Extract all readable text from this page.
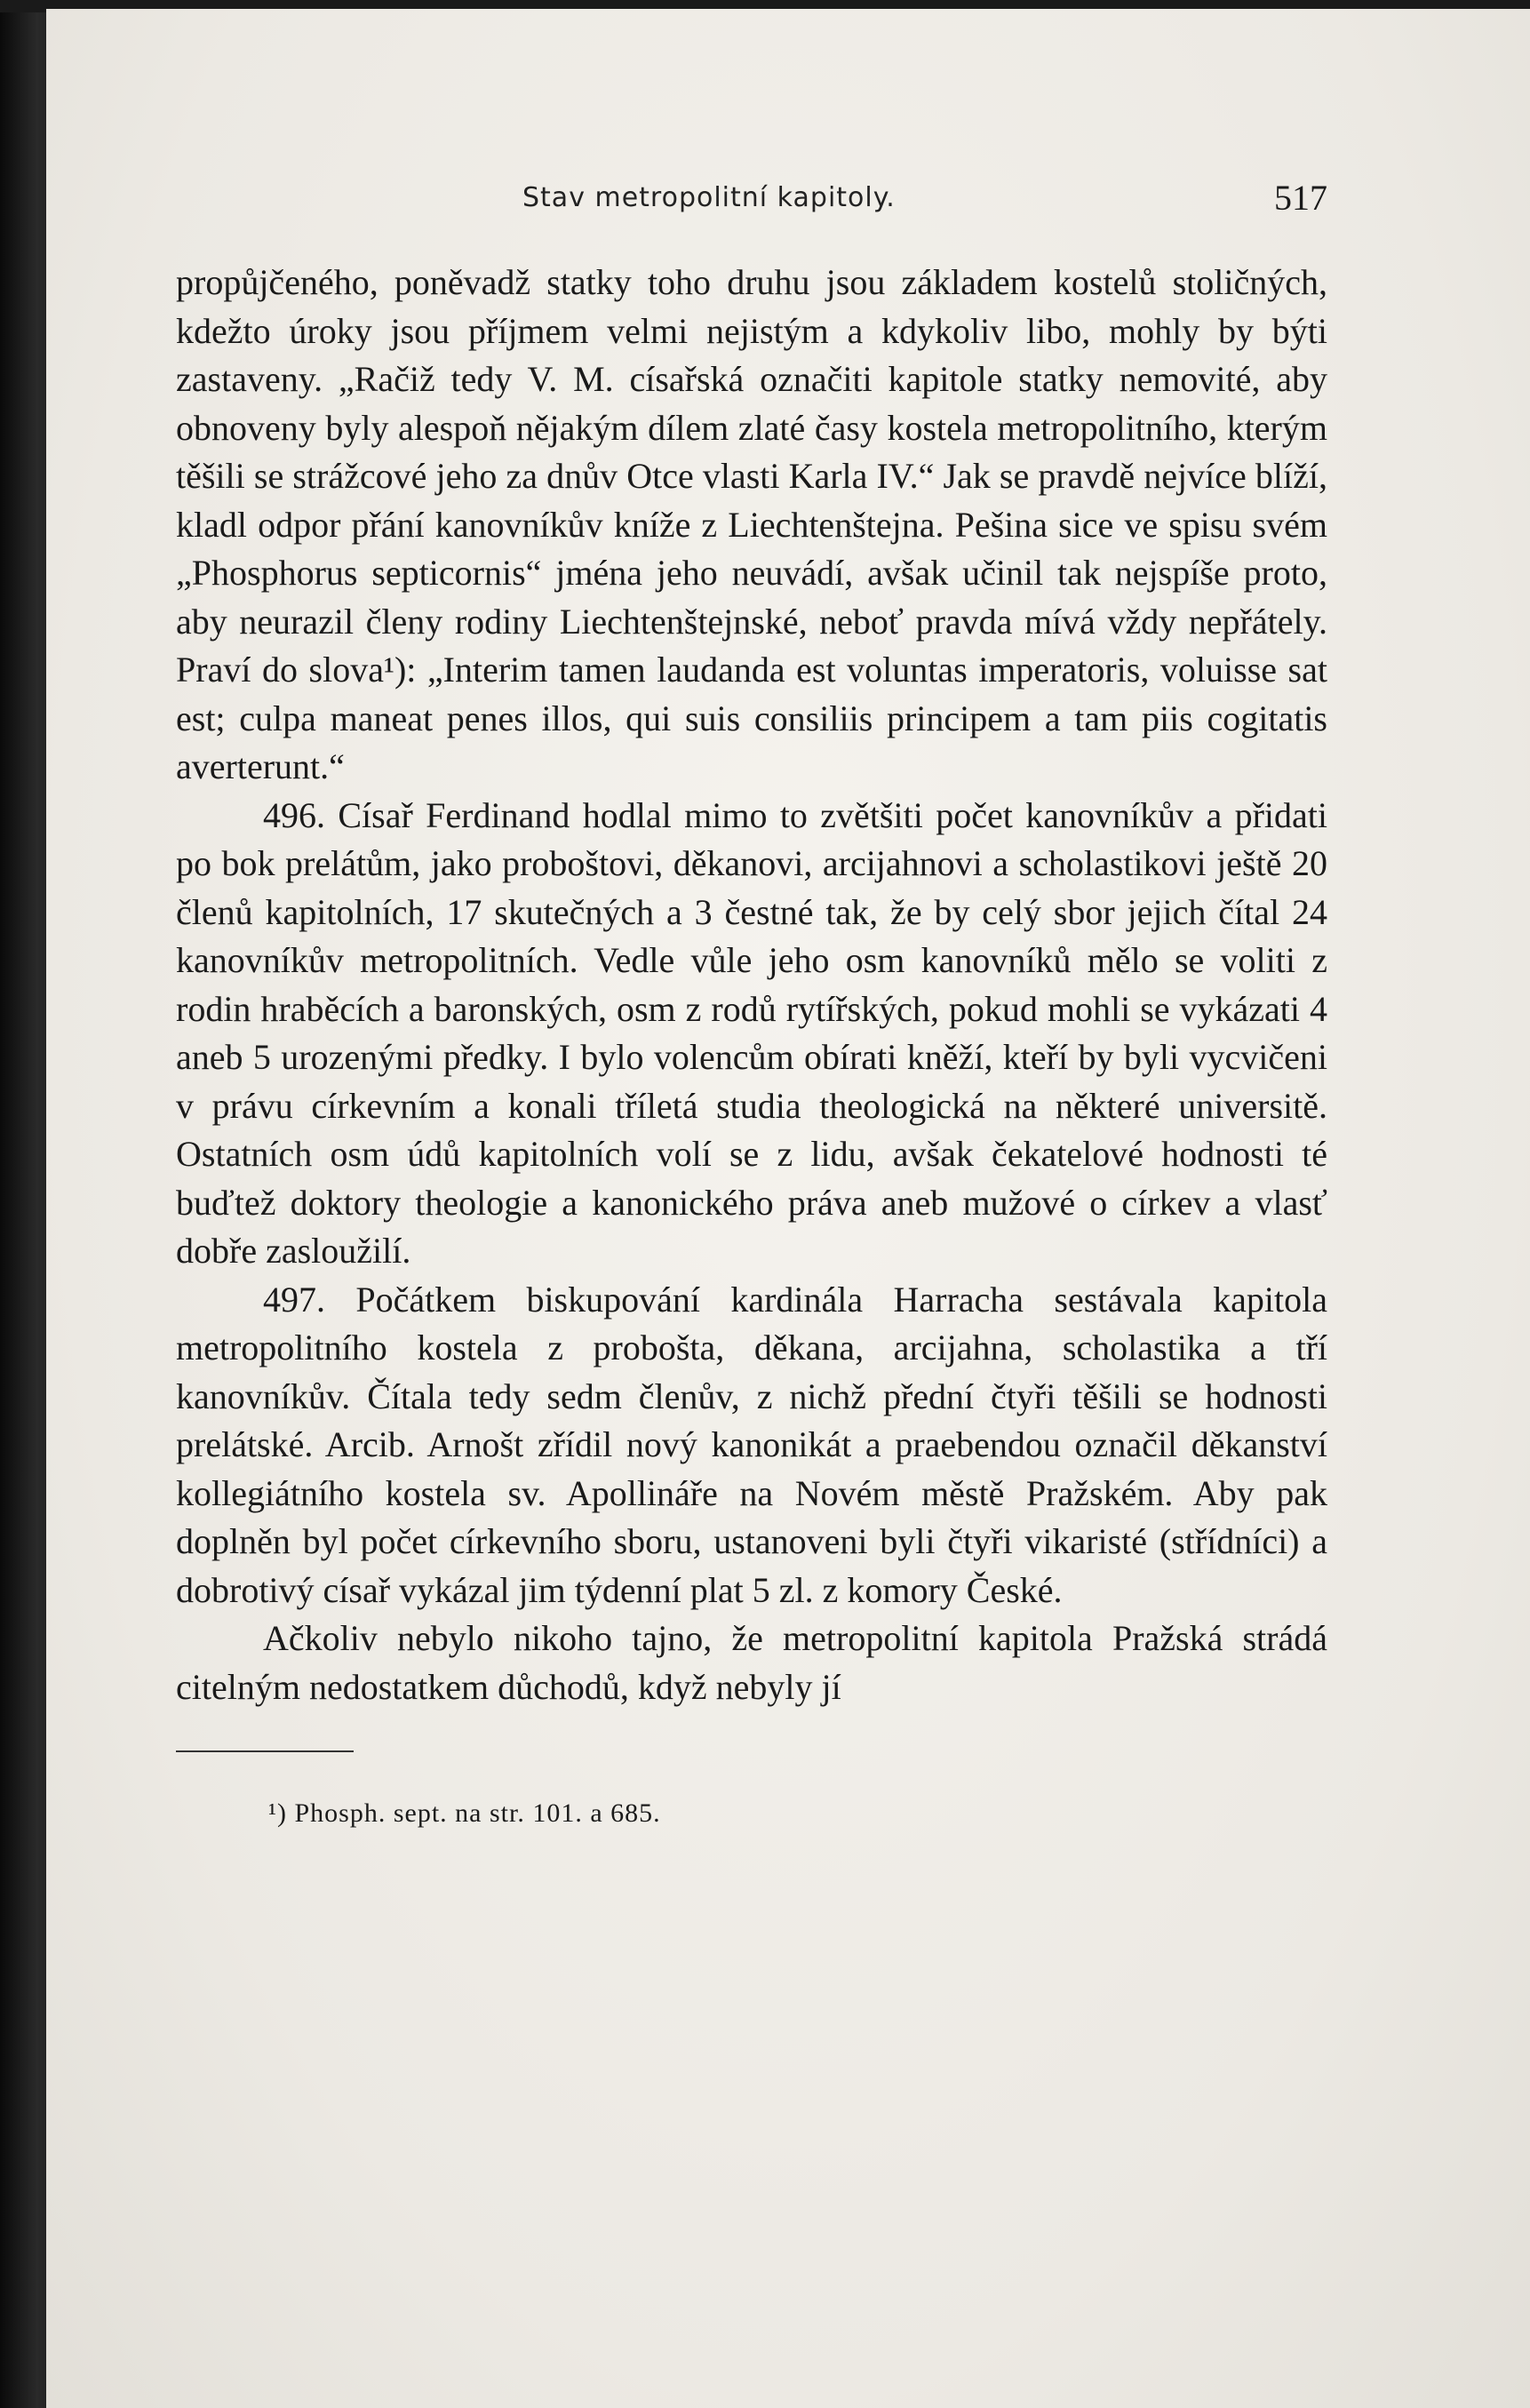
Stav metropolitní kapitoly.	517

propůjčeného, poněvadž statky toho druhu jsou základem kostelů stoličných, kdežto úroky jsou příjmem velmi nejistým a kdykoliv libo, mohly by býti zastaveny. „Račiž tedy V. M. císařská označiti kapitole statky nemovité, aby obnoveny byly alespoň nějakým dílem zlaté časy kostela metropolitního, kterým těšili se strážcové jeho za dnův Otce vlasti Karla IV.“ Jak se pravdě nejvíce blíží, kladl odpor přání kanovníkův kníže z Liechtenštejna. Pešina sice ve spisu svém „Phosphorus septicornis“ jména jeho neuvádí, avšak učinil tak nejspíše proto, aby neurazil členy rodiny Liechtenštejnské, neboť pravda mívá vždy nepřátely. Praví do slova¹): „Interim tamen laudanda est voluntas imperatoris, voluisse sat est; culpa maneat penes illos, qui suis consiliis principem a tam piis cogitatis averterunt.“

496. Císař Ferdinand hodlal mimo to zvětšiti počet kanovníkův a přidati po bok prelátům, jako proboštovi, děkanovi, arcijahnovi a scholastikovi ještě 20 členů kapitolních, 17 skutečných a 3 čestné tak, že by celý sbor jejich čítal 24 kanovníkův metropolitních. Vedle vůle jeho osm kanovníků mělo se voliti z rodin hraběcích a baronských, osm z rodů rytířských, pokud mohli se vykázati 4 aneb 5 urozenými předky. I bylo volencům obírati kněží, kteří by byli vycvičeni v právu církevním a konali tříletá studia theologická na některé universitě. Ostatních osm údů kapitolních volí se z lidu, avšak čekatelové hodnosti té buďtež doktory theologie a kanonického práva aneb mužové o církev a vlasť dobře zasloužilí.

497. Počátkem biskupování kardinála Harracha sestávala kapitola metropolitního kostela z probošta, děkana, arcijahna, scholastika a tří kanovníkův. Čítala tedy sedm členův, z nichž přední čtyři těšili se hodnosti prelátské. Arcib. Arnošt zřídil nový kanonikát a praebendou označil děkanství kollegiátního kostela sv. Apollináře na Novém městě Pražském. Aby pak doplněn byl počet církevního sboru, ustanoveni byli čtyři vikaristé (střídníci) a dobrotivý císař vykázal jim týdenní plat 5 zl. z komory České.

Ačkoliv nebylo nikoho tajno, že metropolitní kapitola Pražská strádá citelným nedostatkem důchodů, když nebyly jí

¹) Phosph. sept. na str. 101. a 685.
